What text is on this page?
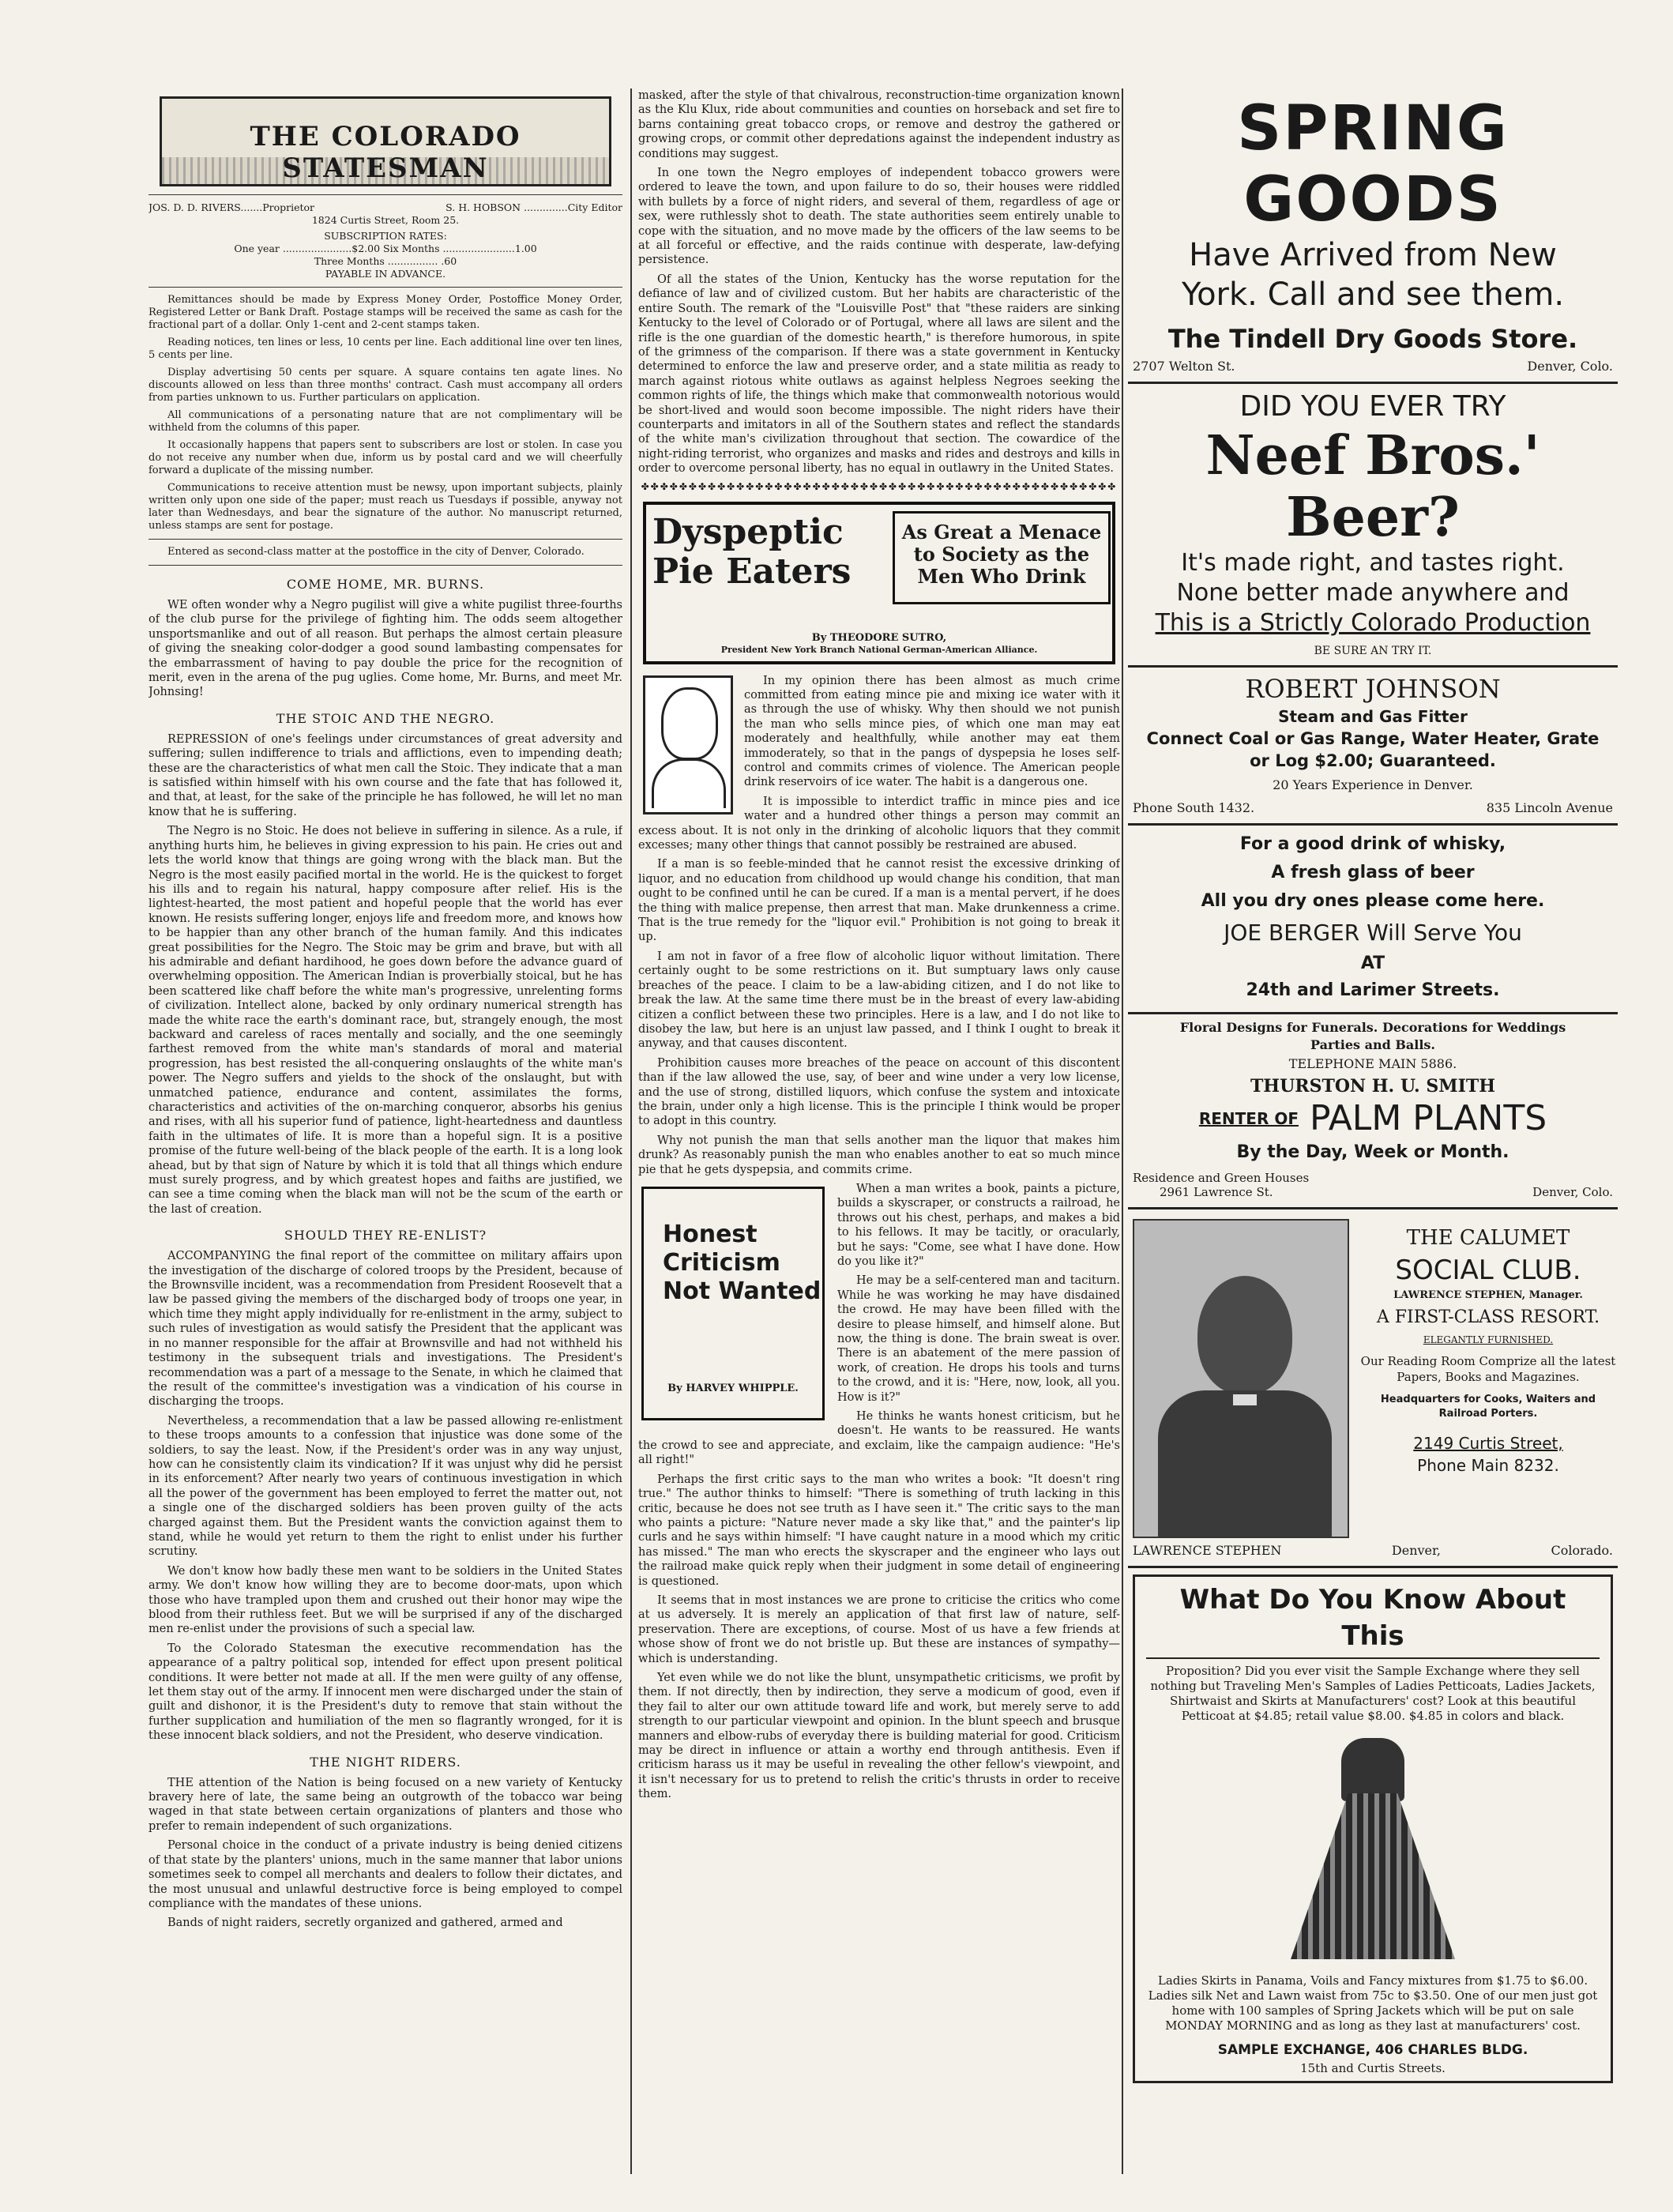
THE COLORADO STATESMAN
JOS. D. D. RIVERS.......Proprietor	S. H. HOBSON ..............City Editor
1824 Curtis Street, Room 25.
SUBSCRIPTION RATES:
One year ......................$2.00 Six Months .......................1.00
Three Months ................ .60
PAYABLE IN ADVANCE.

Remittances should be made by Express Money Order, Postoffice Money Order, Registered Letter or Bank Draft. Postage stamps will be received the same as cash for the fractional part of a dollar. Only 1-cent and 2-cent stamps taken.

Reading notices, ten lines or less, 10 cents per line. Each additional line over ten lines, 5 cents per line.

Display advertising 50 cents per square. A square contains ten agate lines. No discounts allowed on less than three months' contract. Cash must accompany all orders from parties unknown to us. Further particulars on application.

All communications of a personating nature that are not complimentary will be withheld from the columns of this paper.

It occasionally happens that papers sent to subscribers are lost or stolen. In case you do not receive any number when due, inform us by postal card and we will cheerfully forward a duplicate of the missing number.

Communications to receive attention must be newsy, upon important subjects, plainly written only upon one side of the paper; must reach us Tuesdays if possible, anyway not later than Wednesdays, and bear the signature of the author. No manuscript returned, unless stamps are sent for postage.

Entered as second-class matter at the postoffice in the city of Denver, Colorado.

COME HOME, MR. BURNS.

WE often wonder why a Negro pugilist will give a white pugilist three-fourths of the club purse for the privilege of fighting him. The odds seem altogether unsportsmanlike and out of all reason. But perhaps the almost certain pleasure of giving the sneaking color-dodger a good sound lambasting compensates for the embarrassment of having to pay double the price for the recognition of merit, even in the arena of the pug uglies. Come home, Mr. Burns, and meet Mr. Johnsing!

THE STOIC AND THE NEGRO.

REPRESSION of one's feelings under circumstances of great adversity and suffering; sullen indifference to trials and afflictions, even to impending death; these are the characteristics of what men call the Stoic. They indicate that a man is satisfied within himself with his own course and the fate that has followed it, and that, at least, for the sake of the principle he has followed, he will let no man know that he is suffering.

The Negro is no Stoic. He does not believe in suffering in silence. As a rule, if anything hurts him, he believes in giving expression to his pain. He cries out and lets the world know that things are going wrong with the black man. But the Negro is the most easily pacified mortal in the world. He is the quickest to forget his ills and to regain his natural, happy composure after relief. His is the lightest-hearted, the most patient and hopeful people that the world has ever known. He resists suffering longer, enjoys life and freedom more, and knows how to be happier than any other branch of the human family. And this indicates great possibilities for the Negro. The Stoic may be grim and brave, but with all his admirable and defiant hardihood, he goes down before the advance guard of overwhelming opposition. The American Indian is proverbially stoical, but he has been scattered like chaff before the white man's progressive, unrelenting forms of civilization. Intellect alone, backed by only ordinary numerical strength has made the white race the earth's dominant race, but, strangely enough, the most backward and careless of races mentally and socially, and the one seemingly farthest removed from the white man's standards of moral and material progression, has best resisted the all-conquering onslaughts of the white man's power. The Negro suffers and yields to the shock of the onslaught, but with unmatched patience, endurance and content, assimilates the forms, characteristics and activities of the on-marching conqueror, absorbs his genius and rises, with all his superior fund of patience, light-heartedness and dauntless faith in the ultimates of life. It is more than a hopeful sign. It is a positive promise of the future well-being of the black people of the earth. It is a long look ahead, but by that sign of Nature by which it is told that all things which endure must surely progress, and by which greatest hopes and faiths are justified, we can see a time coming when the black man will not be the scum of the earth or the last of creation.

SHOULD THEY RE-ENLIST?

ACCOMPANYING the final report of the committee on military affairs upon the investigation of the discharge of colored troops by the President, because of the Brownsville incident, was a recommendation from President Roosevelt that a law be passed giving the members of the discharged body of troops one year, in which time they might apply individually for re-enlistment in the army, subject to such rules of investigation as would satisfy the President that the applicant was in no manner responsible for the affair at Brownsville and had not withheld his testimony in the subsequent trials and investigations. The President's recommendation was a part of a message to the Senate, in which he claimed that the result of the committee's investigation was a vindication of his course in discharging the troops.

Nevertheless, a recommendation that a law be passed allowing re-enlistment to these troops amounts to a confession that injustice was done some of the soldiers, to say the least. Now, if the President's order was in any way unjust, how can he consistently claim its vindication? If it was unjust why did he persist in its enforcement? After nearly two years of continuous investigation in which all the power of the government has been employed to ferret the matter out, not a single one of the discharged soldiers has been proven guilty of the acts charged against them. But the President wants the conviction against them to stand, while he would yet return to them the right to enlist under his further scrutiny.

We don't know how badly these men want to be soldiers in the United States army. We don't know how willing they are to become door-mats, upon which those who have trampled upon them and crushed out their honor may wipe the blood from their ruthless feet. But we will be surprised if any of the discharged men re-enlist under the provisions of such a special law.

To the Colorado Statesman the executive recommendation has the appearance of a paltry political sop, intended for effect upon present political conditions. It were better not made at all. If the men were guilty of any offense, let them stay out of the army. If innocent men were discharged under the stain of guilt and dishonor, it is the President's duty to remove that stain without the further supplication and humiliation of the men so flagrantly wronged, for it is these innocent black soldiers, and not the President, who deserve vindication.

THE NIGHT RIDERS.

THE attention of the Nation is being focused on a new variety of Kentucky bravery here of late, the same being an outgrowth of the tobacco war being waged in that state between certain organizations of planters and those who prefer to remain independent of such organizations.

Personal choice in the conduct of a private industry is being denied citizens of that state by the planters' unions, much in the same manner that labor unions sometimes seek to compel all merchants and dealers to follow their dictates, and the most unusual and unlawful destructive force is being employed to compel compliance with the mandates of these unions.

Bands of night raiders, secretly organized and gathered, armed and

masked, after the style of that chivalrous, reconstruction-time organization known as the Klu Klux, ride about communities and counties on horseback and set fire to barns containing great tobacco crops, or remove and destroy the gathered or growing crops, or commit other depredations against the independent industry as conditions may suggest.

In one town the Negro employes of independent tobacco growers were ordered to leave the town, and upon failure to do so, their houses were riddled with bullets by a force of night riders, and several of them, regardless of age or sex, were ruthlessly shot to death. The state authorities seem entirely unable to cope with the situation, and no move made by the officers of the law seems to be at all forceful or effective, and the raids continue with desperate, law-defying persistence.

Of all the states of the Union, Kentucky has the worse reputation for the defiance of law and of civilized custom. But her habits are characteristic of the entire South. The remark of the "Louisville Post" that "these raiders are sinking Kentucky to the level of Colorado or of Portugal, where all laws are silent and the rifle is the one guardian of the domestic hearth," is therefore humorous, in spite of the grimness of the comparison. If there was a state government in Kentucky determined to enforce the law and preserve order, and a state militia as ready to march against riotous white outlaws as against helpless Negroes seeking the common rights of life, the things which make that commonwealth notorious would be short-lived and would soon become impossible. The night riders have their counterparts and imitators in all of the Southern states and reflect the standards of the white man's civilization throughout that section. The cowardice of the night-riding terrorist, who organizes and masks and rides and destroys and kills in order to overcome personal liberty, has no equal in outlawry in the United States.

✤✤✤✤✤✤✤✤✤✤✤✤✤✤✤✤✤✤✤✤✤✤✤✤✤✤✤✤✤✤✤✤✤✤✤✤✤✤✤✤✤✤✤✤✤✤✤✤✤✤
Dyspeptic
Pie Eaters
As Great a Menace to Society as the Men Who Drink
By THEODORE SUTRO,
President New York Branch National German-American Alliance.

In my opinion there has been almost as much crime committed from eating mince pie and mixing ice water with it as through the use of whisky. Why then should we not punish the man who sells mince pies, of which one man may eat moderately and healthfully, while another may eat them immoderately, so that in the pangs of dyspepsia he loses self-control and commits crimes of violence. The American people drink reservoirs of ice water. The habit is a dangerous one.

It is impossible to interdict traffic in mince pies and ice water and a hundred other things a person may commit an excess about. It is not only in the drinking of alcoholic liquors that they commit excesses; many other things that cannot possibly be restrained are abused.

If a man is so feeble-minded that he cannot resist the excessive drinking of liquor, and no education from childhood up would change his condition, that man ought to be confined until he can be cured. If a man is a mental pervert, if he does the thing with malice prepense, then arrest that man. Make drunkenness a crime. That is the true remedy for the "liquor evil." Prohibition is not going to break it up.

I am not in favor of a free flow of alcoholic liquor without limitation. There certainly ought to be some restrictions on it. But sumptuary laws only cause breaches of the peace. I claim to be a law-abiding citizen, and I do not like to break the law. At the same time there must be in the breast of every law-abiding citizen a conflict between these two principles. Here is a law, and I do not like to disobey the law, but here is an unjust law passed, and I think I ought to break it anyway, and that causes discontent.

Prohibition causes more breaches of the peace on account of this discontent than if the law allowed the use, say, of beer and wine under a very low license, and the use of strong, distilled liquors, which confuse the system and intoxicate the brain, under only a high license. This is the principle I think would be proper to adopt in this country.

Why not punish the man that sells another man the liquor that makes him drunk? As reasonably punish the man who enables another to eat so much mince pie that he gets dyspepsia, and commits crime.

Honest Criticism Not Wanted
By HARVEY WHIPPLE.

When a man writes a book, paints a picture, builds a skyscraper, or constructs a railroad, he throws out his chest, perhaps, and makes a bid to his fellows. It may be tacitly, or oracularly, but he says: "Come, see what I have done. How do you like it?"

He may be a self-centered man and taciturn. While he was working he may have disdained the crowd. He may have been filled with the desire to please himself, and himself alone. But now, the thing is done. The brain sweat is over. There is an abatement of the mere passion of work, of creation. He drops his tools and turns to the crowd, and it is: "Here, now, look, all you. How is it?"

He thinks he wants honest criticism, but he doesn't. He wants to be reassured. He wants the crowd to see and appreciate, and exclaim, like the campaign audience: "He's all right!"

Perhaps the first critic says to the man who writes a book: "It doesn't ring true." The author thinks to himself: "There is something of truth lacking in this critic, because he does not see truth as I have seen it." The critic says to the man who paints a picture: "Nature never made a sky like that," and the painter's lip curls and he says within himself: "I have caught nature in a mood which my critic has missed." The man who erects the skyscraper and the engineer who lays out the railroad make quick reply when their judgment in some detail of engineering is questioned.

It seems that in most instances we are prone to criticise the critics who come at us adversely. It is merely an application of that first law of nature, self-preservation. There are exceptions, of course. Most of us have a few friends at whose show of front we do not bristle up. But these are instances of sympathy—which is understanding.

Yet even while we do not like the blunt, unsympathetic criticisms, we profit by them. If not directly, then by indirection, they serve a modicum of good, even if they fail to alter our own attitude toward life and work, but merely serve to add strength to our particular viewpoint and opinion. In the blunt speech and brusque manners and elbow-rubs of everyday there is building material for good. Criticism may be direct in influence or attain a worthy end through antithesis. Even if criticism harass us it may be useful in revealing the other fellow's viewpoint, and it isn't necessary for us to pretend to relish the critic's thrusts in order to receive them.

SPRING GOODS
Have Arrived from New
York. Call and see them.
The Tindell Dry Goods Store.
2707 Welton St.	Denver, Colo.
DID YOU EVER TRY
Neef Bros.' Beer?
It's made right, and tastes right.
None better made anywhere and
This is a Strictly Colorado Production
BE SURE AN TRY IT.
ROBERT JOHNSON
Steam and Gas Fitter
Connect Coal or Gas Range, Water Heater, Grate
or Log $2.00; Guaranteed.
20 Years Experience in Denver.
Phone South 1432.	835 Lincoln Avenue
For a good drink of whisky,
A fresh glass of beer
All you dry ones please come here.
JOE BERGER Will Serve You
AT
24th and Larimer Streets.
Floral Designs for Funerals. Decorations for Weddings
Parties and Balls.
TELEPHONE MAIN 5886.
THURSTON H. U. SMITH
RENTER OF PALM PLANTS
By the Day, Week or Month.
Residence and Green Houses
2961 Lawrence St.	Denver, Colo.
THE CALUMET
SOCIAL CLUB.
LAWRENCE STEPHEN, Manager.
A FIRST-CLASS RESORT.
ELEGANTLY FURNISHED.
Our Reading Room Comprize all the latest Papers, Books and Magazines.
Headquarters for Cooks, Waiters and Railroad Porters.
2149 Curtis Street,
Phone Main 8232.
LAWRENCE STEPHEN	Denver,	Colorado.
What Do You Know About This
Proposition? Did you ever visit the Sample Exchange where they sell nothing but Traveling Men's Samples of Ladies Petticoats, Ladies Jackets, Shirtwaist and Skirts at Manufacturers' cost? Look at this beautiful Petticoat at $4.85; retail value $8.00. $4.85 in colors and black.
Ladies Skirts in Panama, Voils and Fancy mixtures from $1.75 to $6.00. Ladies silk Net and Lawn waist from 75c to $3.50. One of our men just got home with 100 samples of Spring Jackets which will be put on sale MONDAY MORNING and as long as they last at manufacturers' cost.
SAMPLE EXCHANGE, 406 CHARLES BLDG.
15th and Curtis Streets.
